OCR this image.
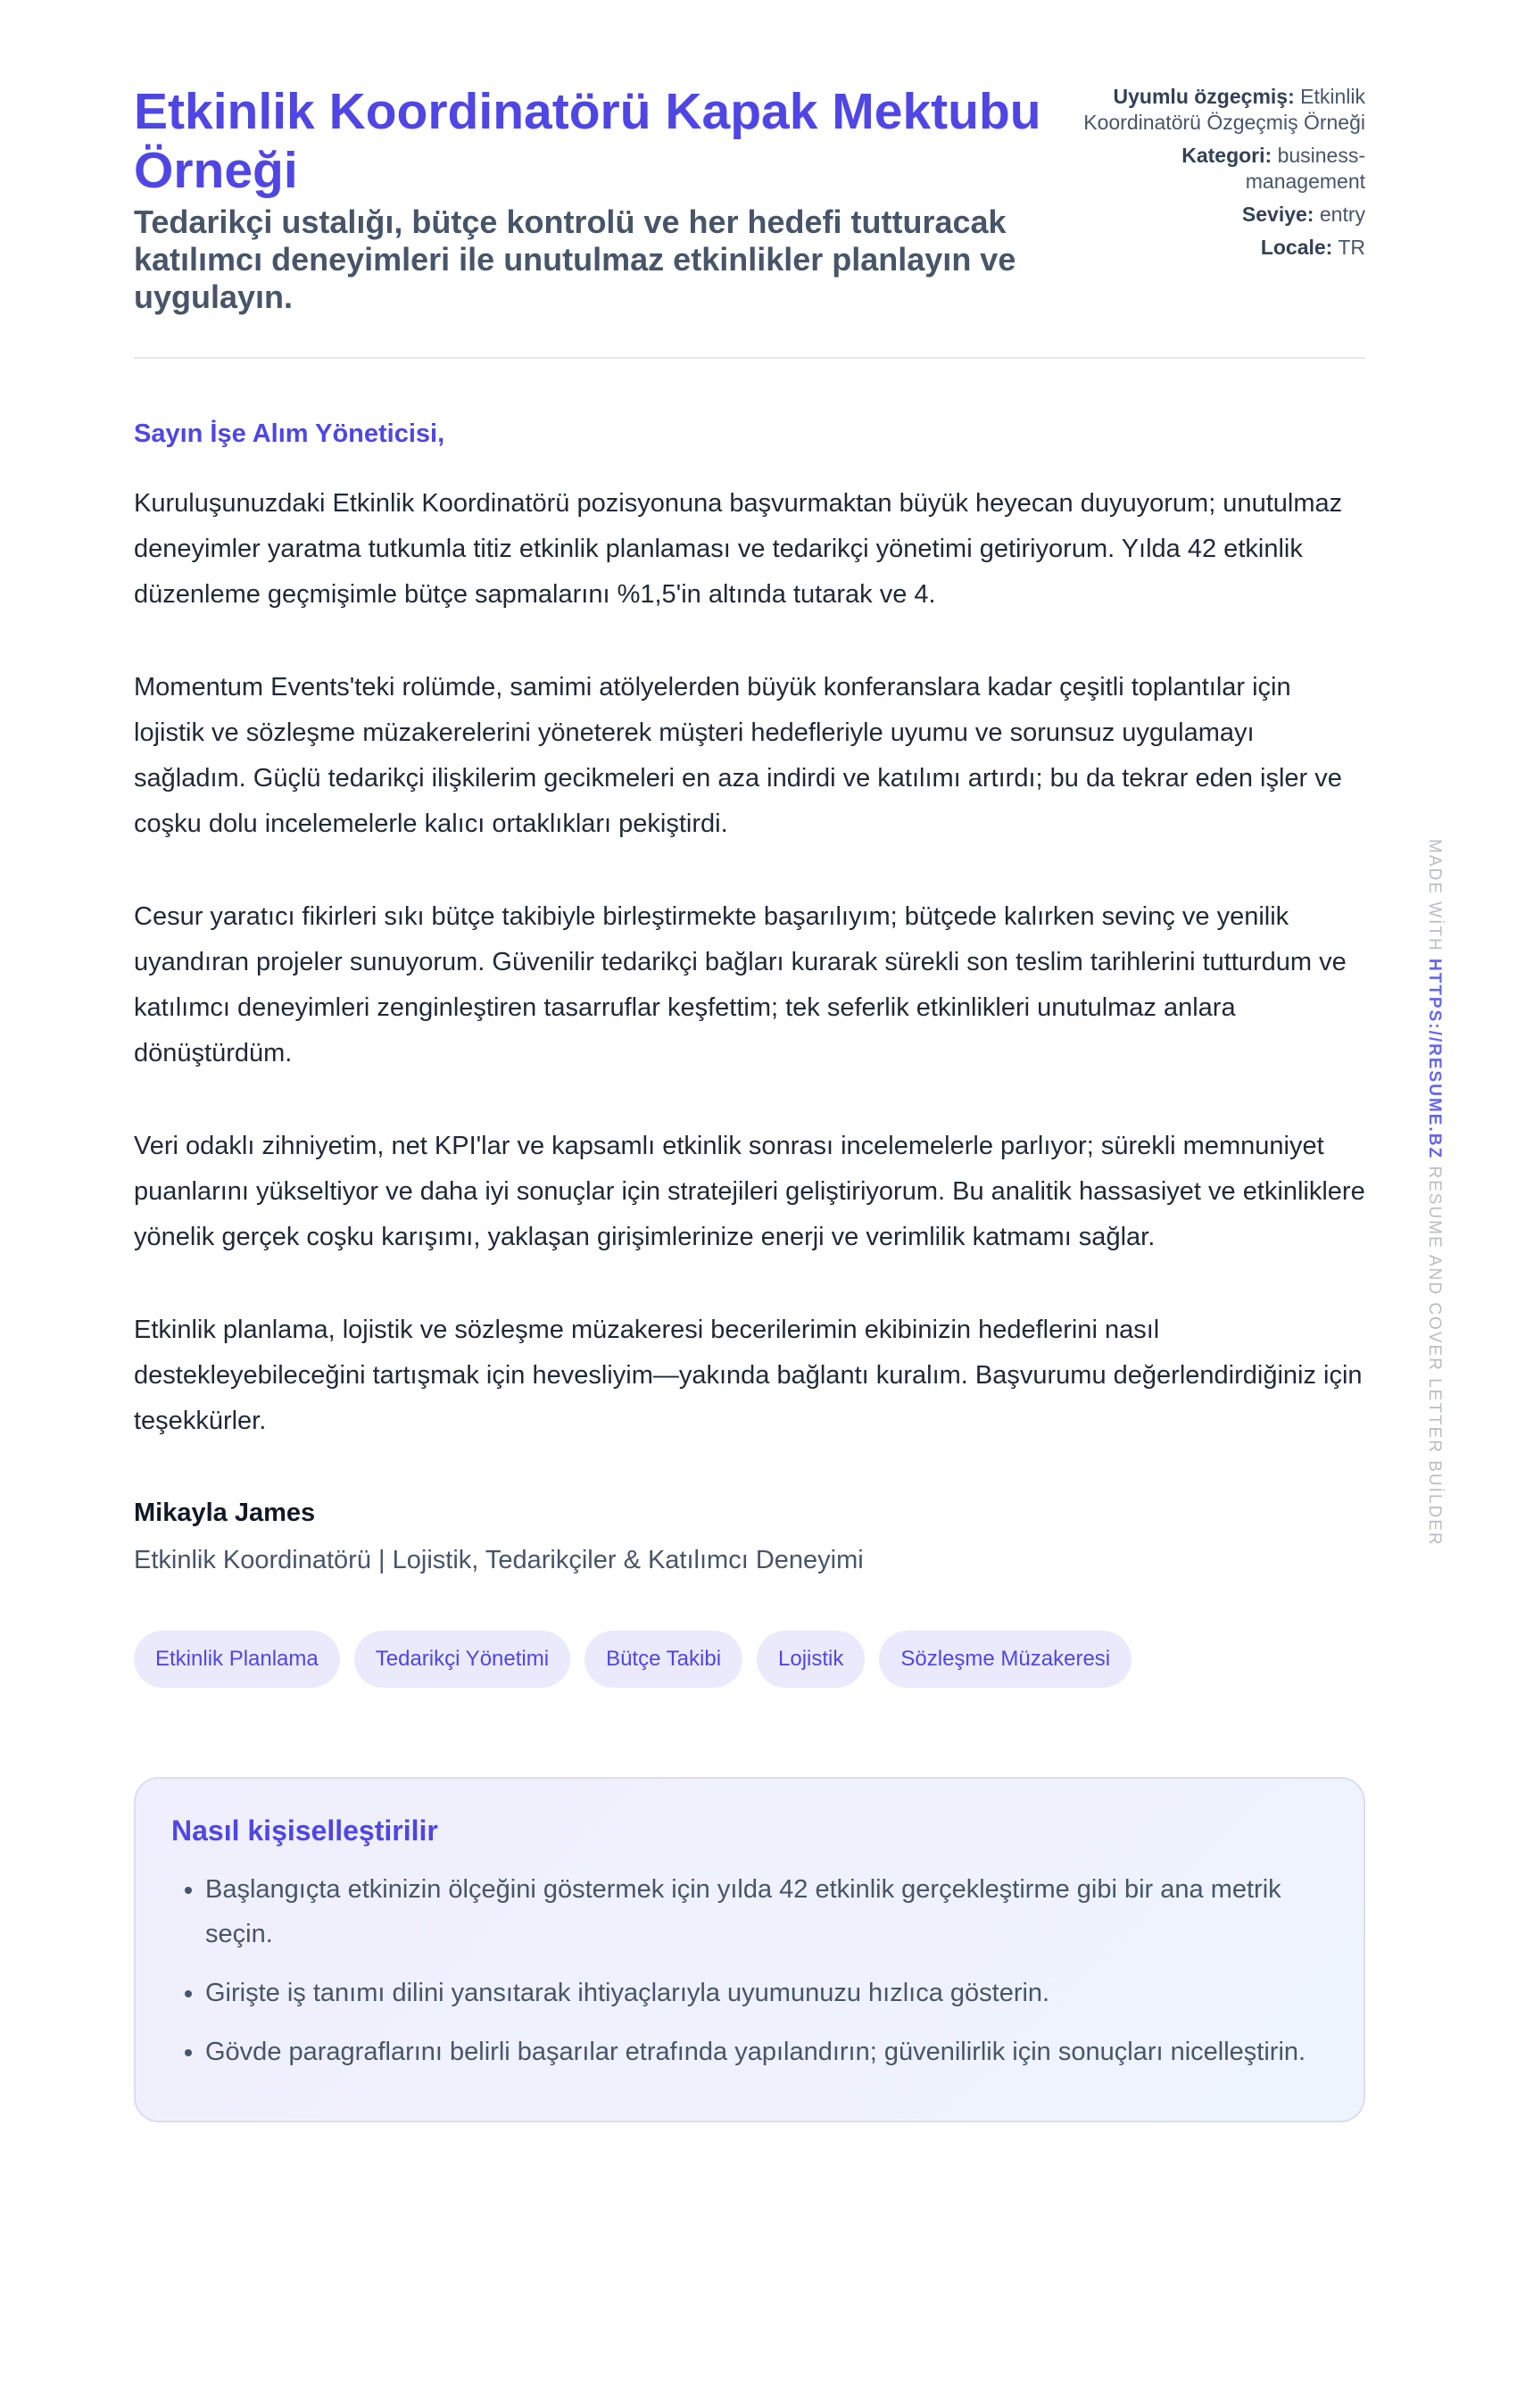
Etkinlik Koordinatörü Kapak Mektubu Örneği
Tedarikçi ustalığı, bütçe kontrolü ve her hedefi tutturacak katılımcı deneyimleri ile unutulmaz etkinlikler planlayın ve uygulayın.
Uyumlu özgeçmiş: Etkinlik Koordinatörü Özgeçmiş Örneği
Kategori: business-management
Seviye: entry
Locale: TR
Sayın İşe Alım Yöneticisi,

Kuruluşunuzdaki Etkinlik Koordinatörü pozisyonuna başvurmaktan büyük heyecan duyuyorum; unutulmaz deneyimler yaratma tutkumla titiz etkinlik planlaması ve tedarikçi yönetimi getiriyorum. Yılda 42 etkinlik düzenleme geçmişimle bütçe sapmalarını %1,5'in altında tutarak ve 4.

Momentum Events'teki rolümde, samimi atölyelerden büyük konferanslara kadar çeşitli toplantılar için lojistik ve sözleşme müzakerelerini yöneterek müşteri hedefleriyle uyumu ve sorunsuz uygulamayı sağladım. Güçlü tedarikçi ilişkilerim gecikmeleri en aza indirdi ve katılımı artırdı; bu da tekrar eden işler ve coşku dolu incelemelerle kalıcı ortaklıkları pekiştirdi.

Cesur yaratıcı fikirleri sıkı bütçe takibiyle birleştirmekte başarılıyım; bütçede kalırken sevinç ve yenilik uyandıran projeler sunuyorum. Güvenilir tedarikçi bağları kurarak sürekli son teslim tarihlerini tutturdum ve katılımcı deneyimleri zenginleştiren tasarruflar keşfettim; tek seferlik etkinlikleri unutulmaz anlara dönüştürdüm.

Veri odaklı zihniyetim, net KPI'lar ve kapsamlı etkinlik sonrası incelemelerle parlıyor; sürekli memnuniyet puanlarını yükseltiyor ve daha iyi sonuçlar için stratejileri geliştiriyorum. Bu analitik hassasiyet ve etkinliklere yönelik gerçek coşku karışımı, yaklaşan girişimlerinize enerji ve verimlilik katmamı sağlar.

Etkinlik planlama, lojistik ve sözleşme müzakeresi becerilerimin ekibinizin hedeflerini nasıl destekleyebileceğini tartışmak için hevesliyim—yakında bağlantı kuralım. Başvurumu değerlendirdiğiniz için teşekkürler.

Mikayla James
Etkinlik Koordinatörü | Lojistik, Tedarikçiler & Katılımcı Deneyimi
Etkinlik Planlama	Tedarikçi Yönetimi	Bütçe Takibi	Lojistik	Sözleşme Müzakeresi
Nasıl kişiselleştirilir
• Başlangıçta etkinizin ölçeğini göstermek için yılda 42 etkinlik gerçekleştirme gibi bir ana metrik seçin.
• Girişte iş tanımı dilini yansıtarak ihtiyaçlarıyla uyumunuzu hızlıca gösterin.
• Gövde paragraflarını belirli başarılar etrafında yapılandırın; güvenilirlik için sonuçları nicelleştirin.
MADE WİTH HTTPS://RESUME.BZ RESUME AND COVER LETTER BUİLDER
